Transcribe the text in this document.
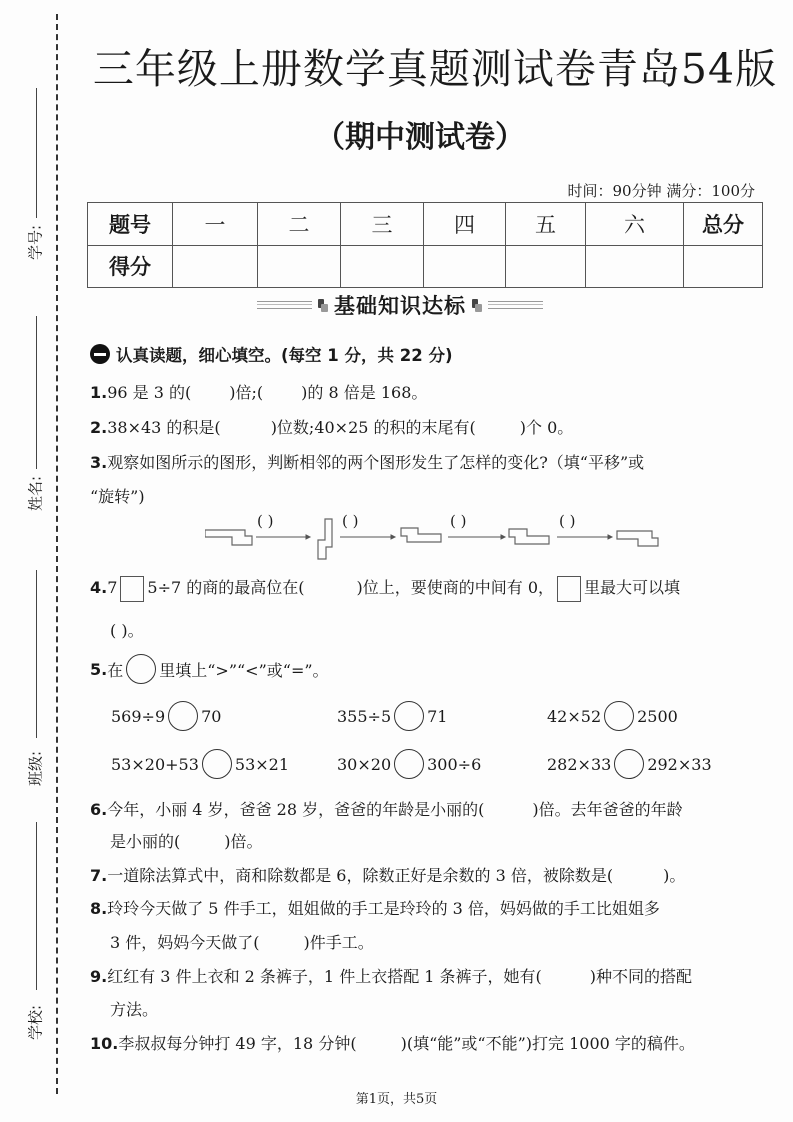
学号:
姓名:
班级:
学校:
三年级上册数学真题测试卷青岛54版
（期中测试卷）
时间：90分钟 满分：100分
题号	一	二	三	四	五	六	总分
得分							
基础知识达标
认真读题，细心填空。(每空 1 分，共 22 分)
1.96 是 3 的( )倍;( )的 8 倍是 168。
2.38×43 的积是(	)位数;40×25 的积的末尾有(	)个 0。
3.观察如图所示的图形，判断相邻的两个图形发生了怎样的变化?（填“平移”或
“旋转”)
( )	( )	( )	( )
4.7 5÷7 的商的最高位在(	)位上，要使商的中间有 0， 里最大可以填
( )。
5. 在 里填上“>”“<”或“=”。
569÷9 70	355÷5 71	42×52 2500
53×20+53 53×21	30×20 300÷6	282×33 292×33
6.今年，小丽 4 岁，爸爸 28 岁，爸爸的年龄是小丽的(	)倍。去年爸爸的年龄
是小丽的(	)倍。
7.一道除法算式中，商和除数都是 6，除数正好是余数的 3 倍，被除数是(	)。
8.玲玲今天做了 5 件手工，姐姐做的手工是玲玲的 3 倍，妈妈做的手工比姐姐多
3 件，妈妈今天做了(	)件手工。
9.红红有 3 件上衣和 2 条裤子，1 件上衣搭配 1 条裤子，她有(	)种不同的搭配
方法。
10.李叔叔每分钟打 49 字，18 分钟(	)(填“能”或“不能”)打完 1000 字的稿件。
第1页，共5页
